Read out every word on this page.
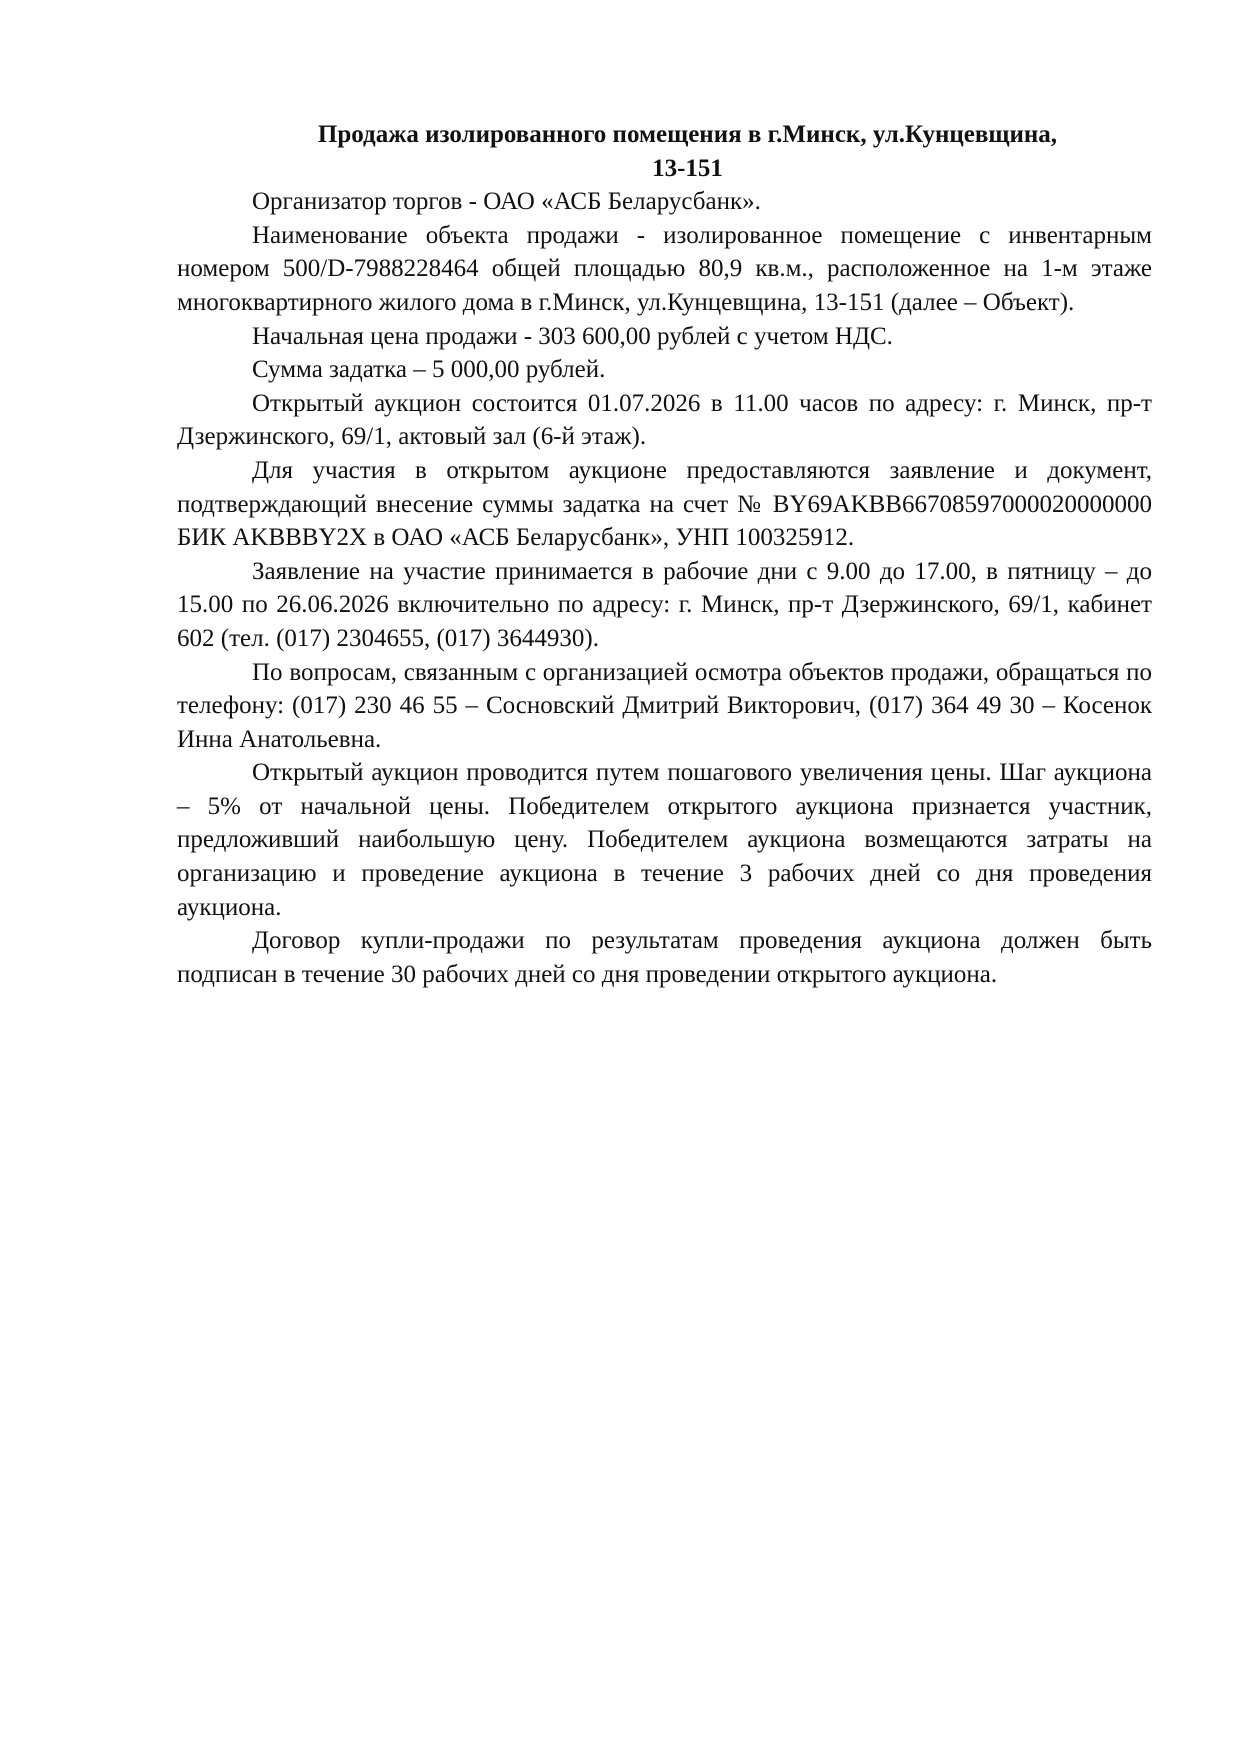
Продажа изолированного помещения в г.Минск, ул.Кунцевщина,
13-151

Организатор торгов - ОАО «АСБ Беларусбанк».

Наименование объекта продажи - изолированное помещение с инвентарным номером 500/D-7988228464 общей площадью 80,9 кв.м., расположенное на 1-м этаже многоквартирного жилого дома в г.Минск, ул.Кунцевщина, 13-151 (далее – Объект).

Начальная цена продажи - 303 600,00 рублей с учетом НДС.

Сумма задатка – 5 000,00 рублей.

Открытый аукцион состоится 01.07.2026 в 11.00 часов по адресу: г. Минск, пр-т Дзержинского, 69/1, актовый зал (6-й этаж).

Для участия в открытом аукционе предоставляются заявление и документ, подтверждающий внесение суммы задатка на счет № BY69AKBB66708597000020000000 БИК AKBBBY2X в ОАО «АСБ Беларусбанк», УНП 100325912.

Заявление на участие принимается в рабочие дни с 9.00 до 17.00, в пятницу – до 15.00 по 26.06.2026 включительно по адресу: г. Минск, пр-т Дзержинского, 69/1, кабинет 602 (тел. (017) 2304655, (017) 3644930).

По вопросам, связанным с организацией осмотра объектов продажи, обращаться по телефону: (017) 230 46 55 – Сосновский Дмитрий Викторович, (017) 364 49 30 – Косенок Инна Анатольевна.

Открытый аукцион проводится путем пошагового увеличения цены. Шаг аукциона – 5% от начальной цены. Победителем открытого аукциона признается участник, предложивший наибольшую цену. Победителем аукциона возмещаются затраты на организацию и проведение аукциона в течение 3 рабочих дней со дня проведения аукциона.

Договор купли-продажи по результатам проведения аукциона должен быть подписан в течение 30 рабочих дней со дня проведении открытого аукциона.
